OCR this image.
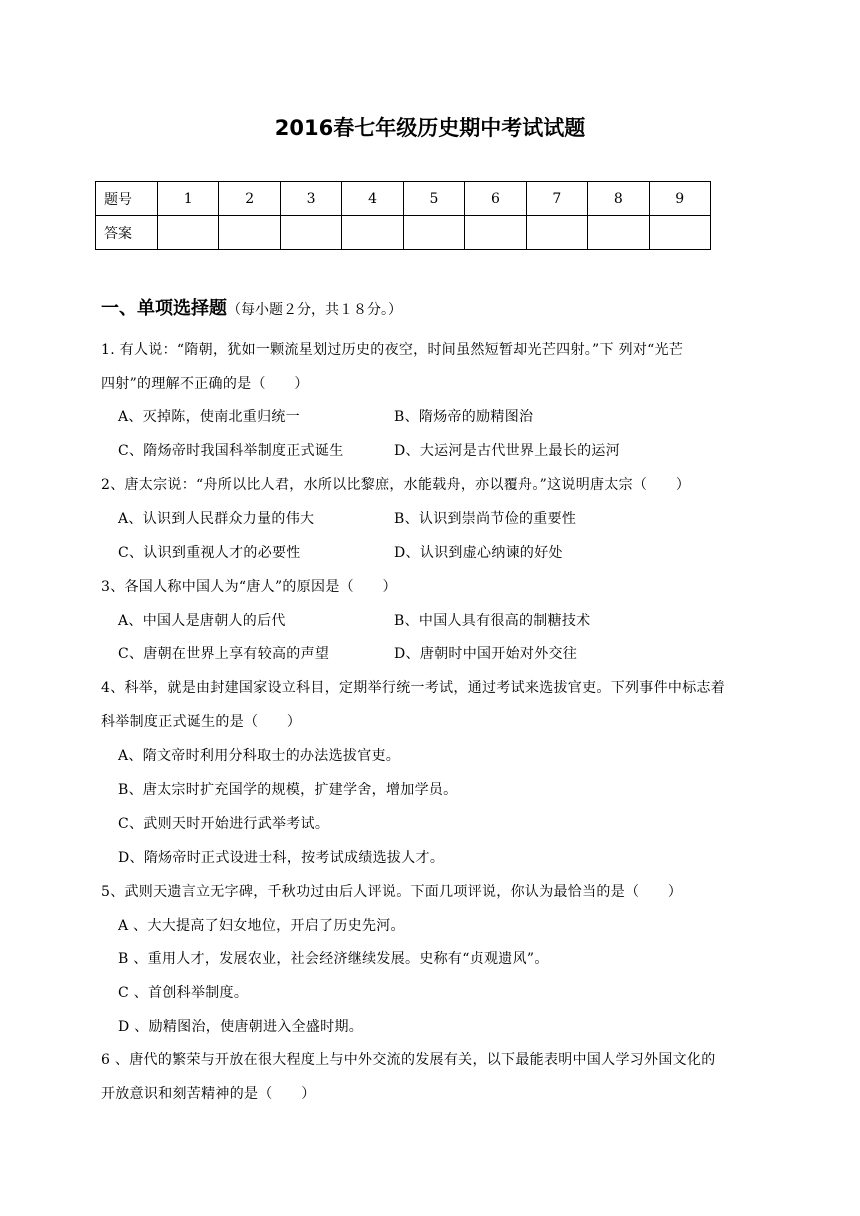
2016春七年级历史期中考试试题
题号	1	2	3	4	5	6	7	8	9
答案									
一、单项选择题（每小题２分，共１８分。）
1. 有人说：“隋朝，犹如一颗流星划过历史的夜空，时间虽然短暂却光芒四射。”下 列对“光芒
四射”的理解不正确的是（　　）
A、灭掉陈，使南北重归统一	B、隋炀帝的励精图治
C、隋炀帝时我国科举制度正式诞生	D、大运河是古代世界上最长的运河
2、唐太宗说：“舟所以比人君，水所以比黎庶，水能载舟，亦以覆舟。”这说明唐太宗（　　）
A、认识到人民群众力量的伟大	B、认识到崇尚节俭的重要性
C、认识到重视人才的必要性	D、认识到虚心纳谏的好处
3、各国人称中国人为“唐人”的原因是（　　）
A、中国人是唐朝人的后代	B、中国人具有很高的制糖技术
C、唐朝在世界上享有较高的声望	D、唐朝时中国开始对外交往
4、科举，就是由封建国家设立科目，定期举行统一考试，通过考试来选拔官吏。下列事件中标志着
科举制度正式诞生的是（　　）
A、隋文帝时利用分科取士的办法选拔官吏。
B、唐太宗时扩充国学的规模，扩建学舍，增加学员。
C、武则天时开始进行武举考试。
D、隋炀帝时正式设进士科，按考试成绩选拔人才。
5、武则天遗言立无字碑，千秋功过由后人评说。下面几项评说，你认为最恰当的是（　　）
A 、大大提高了妇女地位，开启了历史先河。
B 、重用人才，发展农业，社会经济继续发展。史称有“贞观遗风”。
C 、首创科举制度。
D 、励精图治，使唐朝进入全盛时期。
6 、唐代的繁荣与开放在很大程度上与中外交流的发展有关，以下最能表明中国人学习外国文化的
开放意识和刻苦精神的是（　　）
